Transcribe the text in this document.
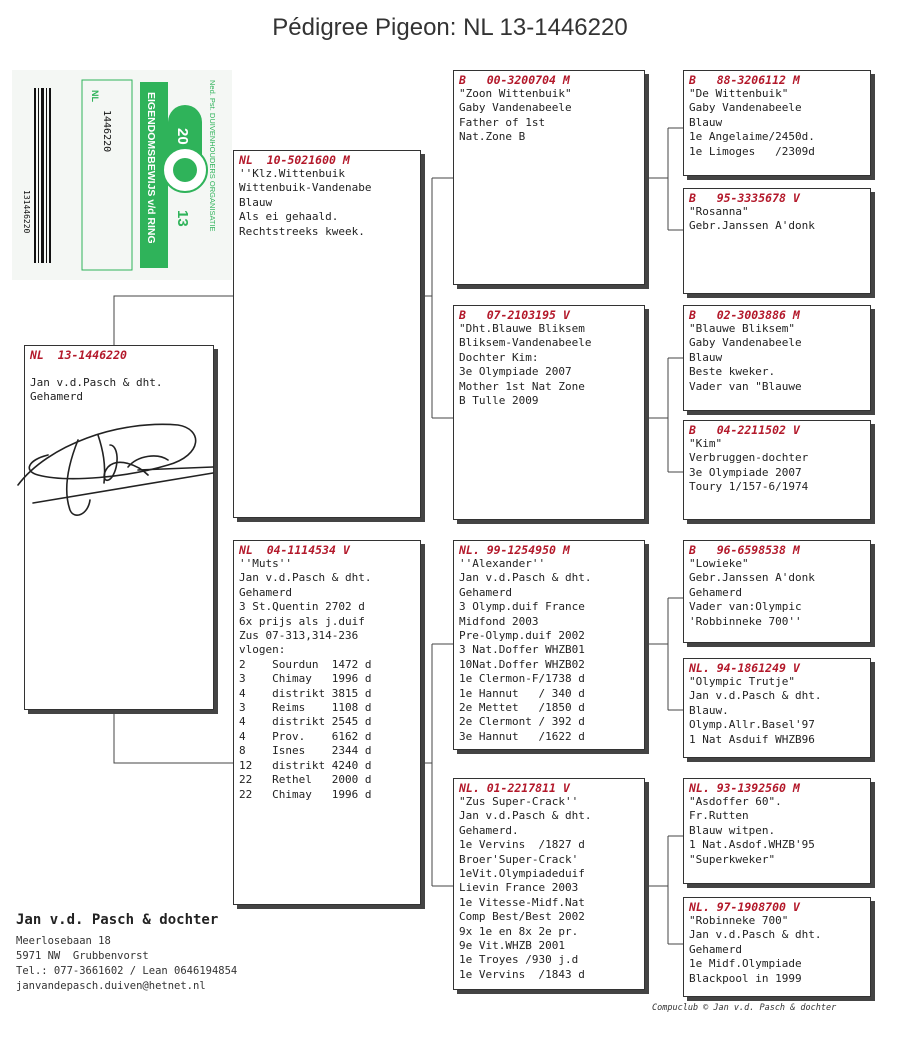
Pédigree Pigeon: NL 13-1446220
131446220
NL
1446220	EIGENDOMSBEWIJS v/d RING 20
13 Ned. Pst. DUIVENHOUDERS ORGANISATIE
NL  13-1446220
Jan v.d.Pasch & dht.
Gehamerd
NL  10-5021600 M
''Klz.Wittenbuik
Wittenbuik-Vandenabe
Blauw
Als ei gehaald.
Rechtstreeks kweek.
NL  04-1114534 V
''Muts''
Jan v.d.Pasch & dht.
Gehamerd
3 St.Quentin 2702 d
6x prijs als j.duif
Zus 07-313,314-236
vlogen:
2    Sourdun  1472 d
3    Chimay   1996 d
4    distrikt 3815 d
3    Reims    1108 d
4    distrikt 2545 d
4    Prov.    6162 d
8    Isnes    2344 d
12   distrikt 4240 d
22   Rethel   2000 d
22   Chimay   1996 d
B   00-3200704 M
"Zoon Wittenbuik"
Gaby Vandenabeele
Father of 1st
Nat.Zone B
B   07-2103195 V
"Dht.Blauwe Bliksem
Bliksem-Vandenabeele
Dochter Kim:
3e Olympiade 2007
Mother 1st Nat Zone
B Tulle 2009
NL. 99-1254950 M
''Alexander''
Jan v.d.Pasch & dht.
Gehamerd
3 Olymp.duif France
Midfond 2003
Pre-Olymp.duif 2002
3 Nat.Doffer WHZB01
10Nat.Doffer WHZB02
1e Clermon-F/1738 d
1e Hannut   / 340 d
2e Mettet   /1850 d
2e Clermont / 392 d
3e Hannut   /1622 d
NL. 01-2217811 V
"Zus Super-Crack''
Jan v.d.Pasch & dht.
Gehamerd.
1e Vervins  /1827 d
Broer'Super-Crack'
1eVit.Olympiadeduif
Lievin France 2003
1e Vitesse-Midf.Nat
Comp Best/Best 2002
9x 1e en 8x 2e pr.
9e Vit.WHZB 2001
1e Troyes /930 j.d
1e Vervins  /1843 d
B   88-3206112 M
"De Wittenbuik"
Gaby Vandenabeele
Blauw
1e Angelaime/2450d.
1e Limoges   /2309d
B   95-3335678 V
"Rosanna"
Gebr.Janssen A'donk
B   02-3003886 M
"Blauwe Bliksem"
Gaby Vandenabeele
Blauw
Beste kweker.
Vader van "Blauwe
B   04-2211502 V
"Kim"
Verbruggen-dochter
3e Olympiade 2007
Toury 1/157-6/1974
B   96-6598538 M
"Lowieke"
Gebr.Janssen A'donk
Gehamerd
Vader van:Olympic
'Robbinneke 700''
NL. 94-1861249 V
"Olympic Trutje"
Jan v.d.Pasch & dht.
Blauw.
Olymp.Allr.Basel'97
1 Nat Asduif WHZB96
NL. 93-1392560 M
"Asdoffer 60".
Fr.Rutten
Blauw witpen.
1 Nat.Asdof.WHZB'95
"Superkweker"
NL. 97-1908700 V
"Robinneke 700"
Jan v.d.Pasch & dht.
Gehamerd
1e Midf.Olympiade
Blackpool in 1999
Jan v.d. Pasch & dochter
Meerlosebaan 18
5971 NW  Grubbenvorst
Tel.: 077-3661602 / Lean 0646194854
janvandepasch.duiven@hetnet.nl
Compuclub © Jan v.d. Pasch & dochter
